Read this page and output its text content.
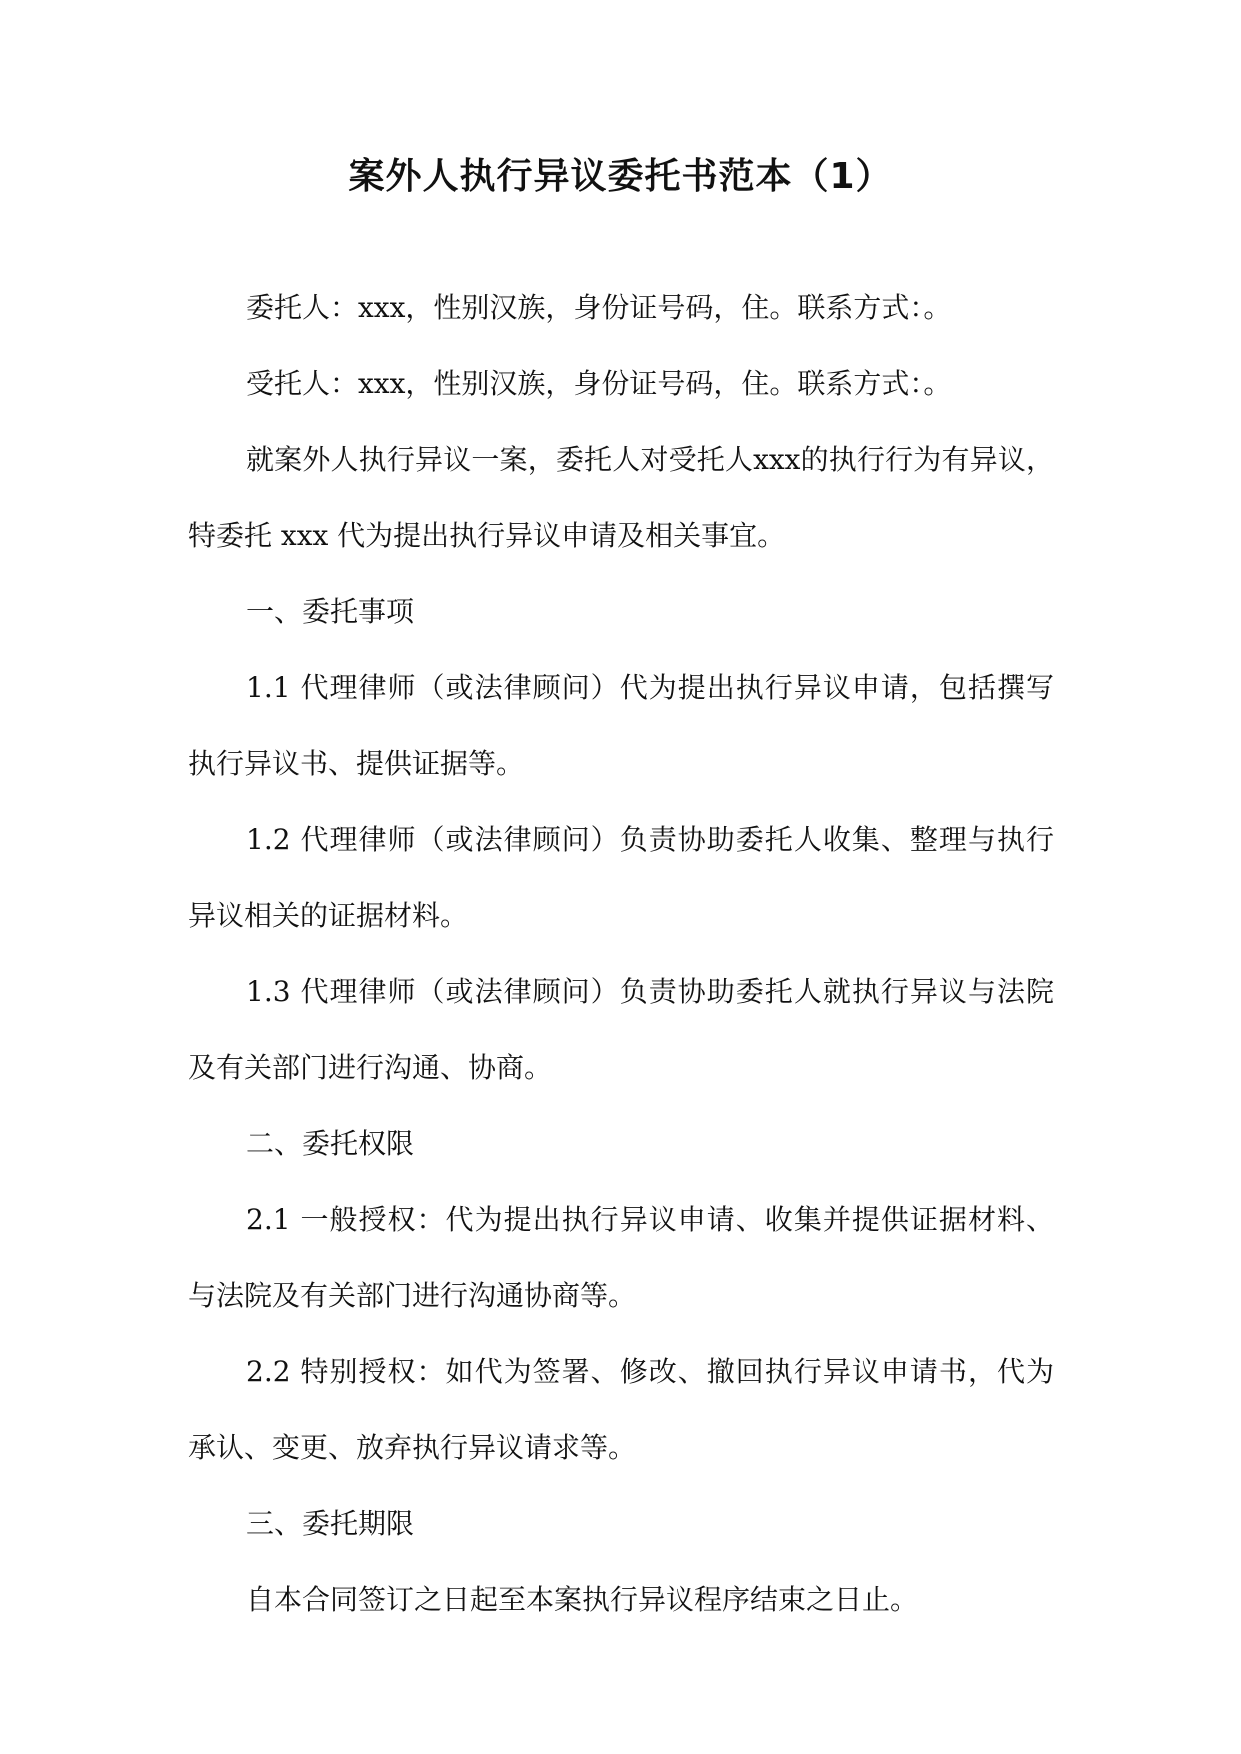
案外人执行异议委托书范本（1）

委托人：xxx，性别汉族，身份证号码，住。联系方式：。

受托人：xxx，性别汉族，身份证号码，住。联系方式：。

就案外人执行异议一案，委托人对受托人xxx的执行行为有异议，特委托 xxx 代为提出执行异议申请及相关事宜。

一、委托事项

1.1 代理律师（或法律顾问）代为提出执行异议申请，包括撰写执行异议书、提供证据等。

1.2 代理律师（或法律顾问）负责协助委托人收集、整理与执行异议相关的证据材料。

1.3 代理律师（或法律顾问）负责协助委托人就执行异议与法院及有关部门进行沟通、协商。

二、委托权限

2.1 一般授权：代为提出执行异议申请、收集并提供证据材料、与法院及有关部门进行沟通协商等。

2.2 特别授权：如代为签署、修改、撤回执行异议申请书，代为承认、变更、放弃执行异议请求等。

三、委托期限

自本合同签订之日起至本案执行异议程序结束之日止。
